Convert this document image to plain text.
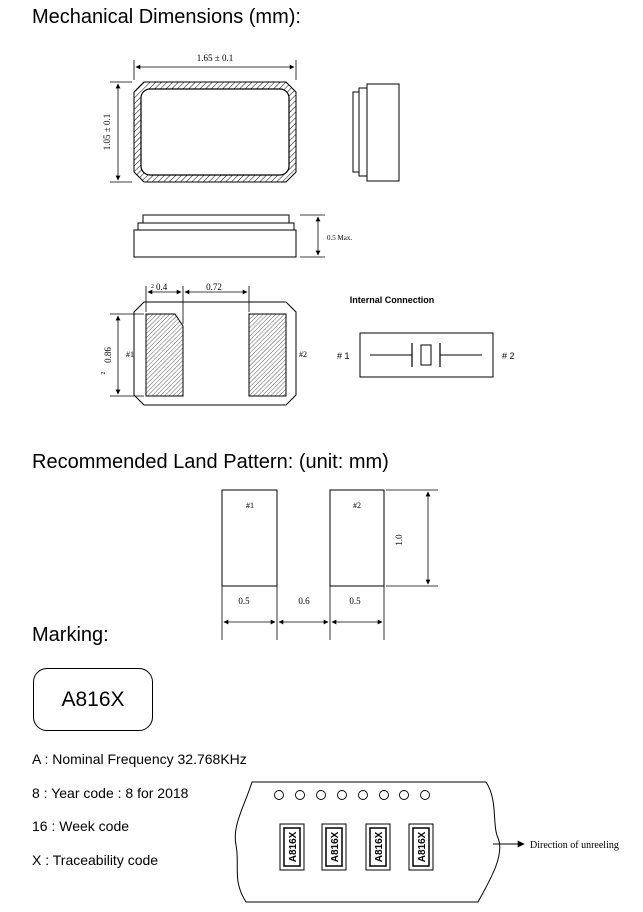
Mechanical Dimensions (mm):
1.65 ± 0.1
1.05 ± 0.1
0.5 Max.
2 0.4	0.72
0.86
2
#1	#2
Internal Connection
# 1	# 2
Recommended Land Pattern: (unit: mm)
#1	#2
0.5	0.6	0.5
1.0
Marking:
A816X
A : Nominal Frequency 32.768KHz
8 : Year code : 8 for 2018
16 : Week code
X : Traceability code	A816X	A816X	A816X	A816X	Direction of unreeling
